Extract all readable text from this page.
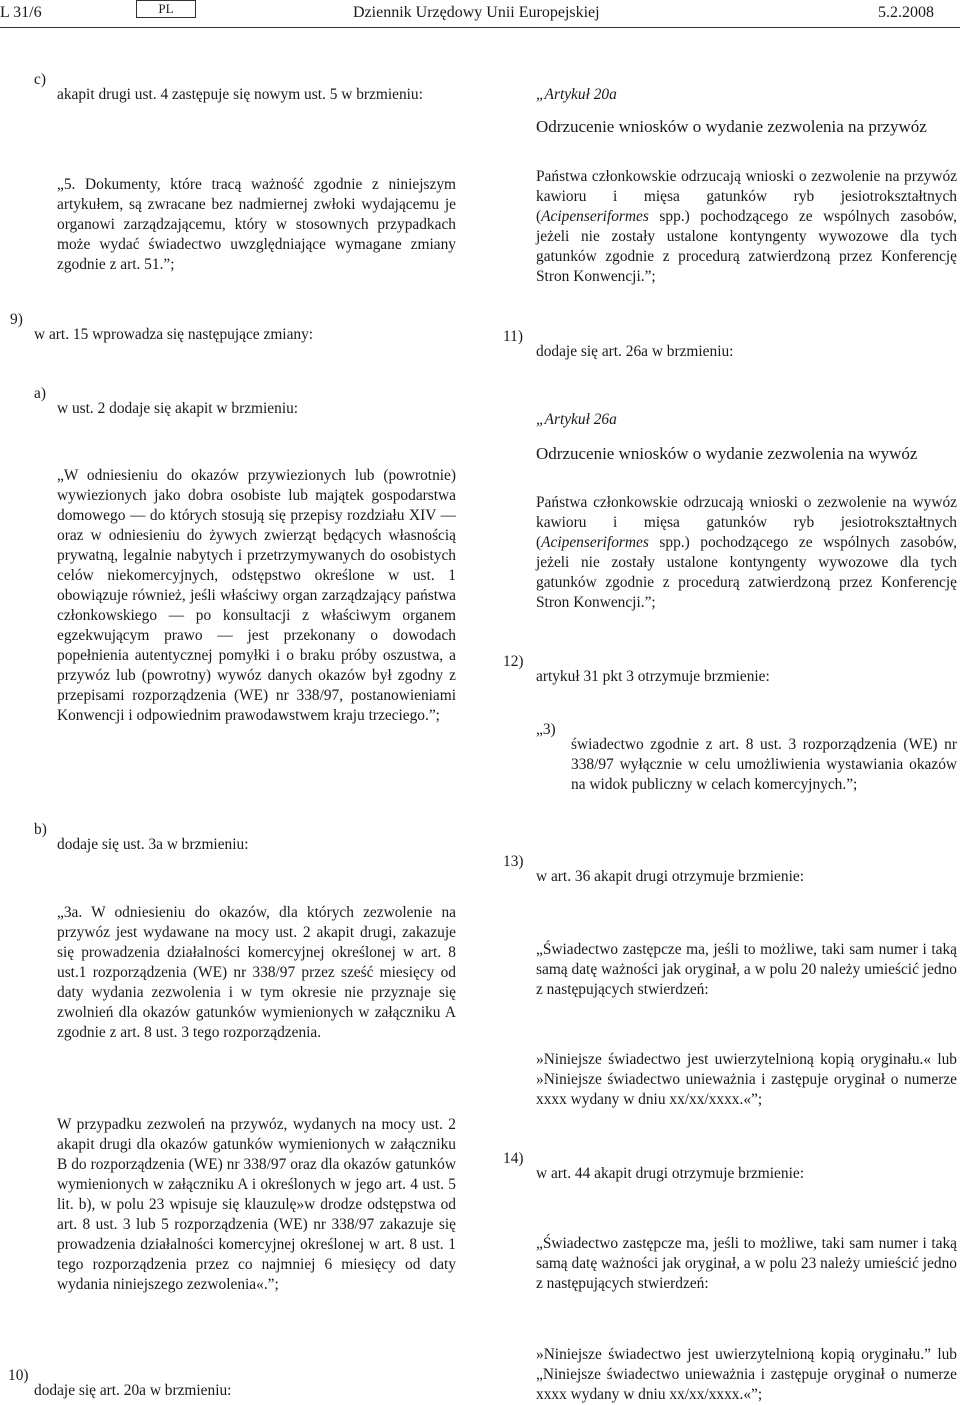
L 31/6	PL	Dziennik Urzędowy Unii Europejskiej	5.2.2008
c)

akapit drugi ust. 4 zastępuje się nowym ust. 5 w brzmieniu:

„5. Dokumenty, które tracą ważność zgodnie z niniejszym artykułem, są zwracane bez nadmiernej zwłoki wydającemu je organowi zarządzającemu, który w stosownych przypadkach może wydać świadectwo uwzględniające wymagane zmiany zgodnie z art. 51.”;

9)

w art. 15 wprowadza się następujące zmiany:

a)

w ust. 2 dodaje się akapit w brzmieniu:

„W odniesieniu do okazów przywiezionych lub (powrotnie) wywiezionych jako dobra osobiste lub majątek gospodarstwa domowego — do których stosują się przepisy rozdziału XIV — oraz w odniesieniu do żywych zwierząt będących własnością prywatną, legalnie nabytych i przetrzymywanych do osobistych celów niekomercyjnych, odstępstwo określone w ust. 1 obowiązuje również, jeśli właściwy organ zarządzający państwa członkowskiego — po konsultacji z właściwym organem egzekwującym prawo — jest przekonany o dowodach popełnienia autentycznej pomyłki i o braku próby oszustwa, a przywóz lub (powrotny) wywóz danych okazów był zgodny z przepisami rozporządzenia (WE) nr 338/97, postanowieniami Konwencji i odpowiednim prawodawstwem kraju trzeciego.”;

b)

dodaje się ust. 3a w brzmieniu:

„3a. W odniesieniu do okazów, dla których zezwolenie na przywóz jest wydawane na mocy ust. 2 akapit drugi, zakazuje się prowadzenia działalności komercyjnej określonej w art. 8 ust.1 rozporządzenia (WE) nr 338/97 przez sześć miesięcy od daty wydania zezwolenia i w tym okresie nie przyznaje się zwolnień dla okazów gatunków wymienionych w załączniku A zgodnie z art. 8 ust. 3 tego rozporządzenia.

W przypadku zezwoleń na przywóz, wydanych na mocy ust. 2 akapit drugi dla okazów gatunków wymienionych w załączniku B do rozporządzenia (WE) nr 338/97 oraz dla okazów gatunków wymienionych w załączniku A i określonych w jego art. 4 ust. 5 lit. b), w polu 23 wpisuje się klauzulę»w drodze odstępstwa od art. 8 ust. 3 lub 5 rozporządzenia (WE) nr 338/97 zakazuje się prowadzenia działalności komercyjnej określonej w art. 8 ust. 1 tego rozporządzenia przez co najmniej 6 miesięcy od daty wydania niniejszego zezwolenia«.”;

10)

dodaje się art. 20a w brzmieniu:

„Artykuł 20a

Odrzucenie wniosków o wydanie zezwolenia na przywóz

Państwa członkowskie odrzucają wnioski o zezwolenie na przywóz kawioru i mięsa gatunków ryb jesiotrokształtnych (Acipenseriformes spp.) pochodzącego ze wspólnych zasobów, jeżeli nie zostały ustalone kontyngenty wywozowe dla tych gatunków zgodnie z procedurą zatwierdzoną przez Konferencję Stron Konwencji.”;

11)

dodaje się art. 26a w brzmieniu:

„Artykuł 26a

Odrzucenie wniosków o wydanie zezwolenia na wywóz

Państwa członkowskie odrzucają wnioski o zezwolenie na wywóz kawioru i mięsa gatunków ryb jesiotrokształtnych (Acipenseriformes spp.) pochodzącego ze wspólnych zasobów, jeżeli nie zostały ustalone kontyngenty wywozowe dla tych gatunków zgodnie z procedurą zatwierdzoną przez Konferencję Stron Konwencji.”;

12)

artykuł 31 pkt 3 otrzymuje brzmienie:

„3)

świadectwo zgodnie z art. 8 ust. 3 rozporządzenia (WE) nr 338/97 wyłącznie w celu umożliwienia wystawiania okazów na widok publiczny w celach komercyjnych.”;

13)

w art. 36 akapit drugi otrzymuje brzmienie:

„Świadectwo zastępcze ma, jeśli to możliwe, taki sam numer i taką samą datę ważności jak oryginał, a w polu 20 należy umieścić jedno z następujących stwierdzeń:

»Niniejsze świadectwo jest uwierzytelnioną kopią oryginału.« lub »Niniejsze świadectwo unieważnia i zastępuje oryginał o numerze xxxx wydany w dniu xx/xx/xxxx.«”;

14)

w art. 44 akapit drugi otrzymuje brzmienie:

„Świadectwo zastępcze ma, jeśli to możliwe, taki sam numer i taką samą datę ważności jak oryginał, a w polu 23 należy umieścić jedno z następujących stwierdzeń:

»Niniejsze świadectwo jest uwierzytelnioną kopią oryginału.” lub „Niniejsze świadectwo unieważnia i zastępuje oryginał o numerze xxxx wydany w dniu xx/xx/xxxx.«”;
